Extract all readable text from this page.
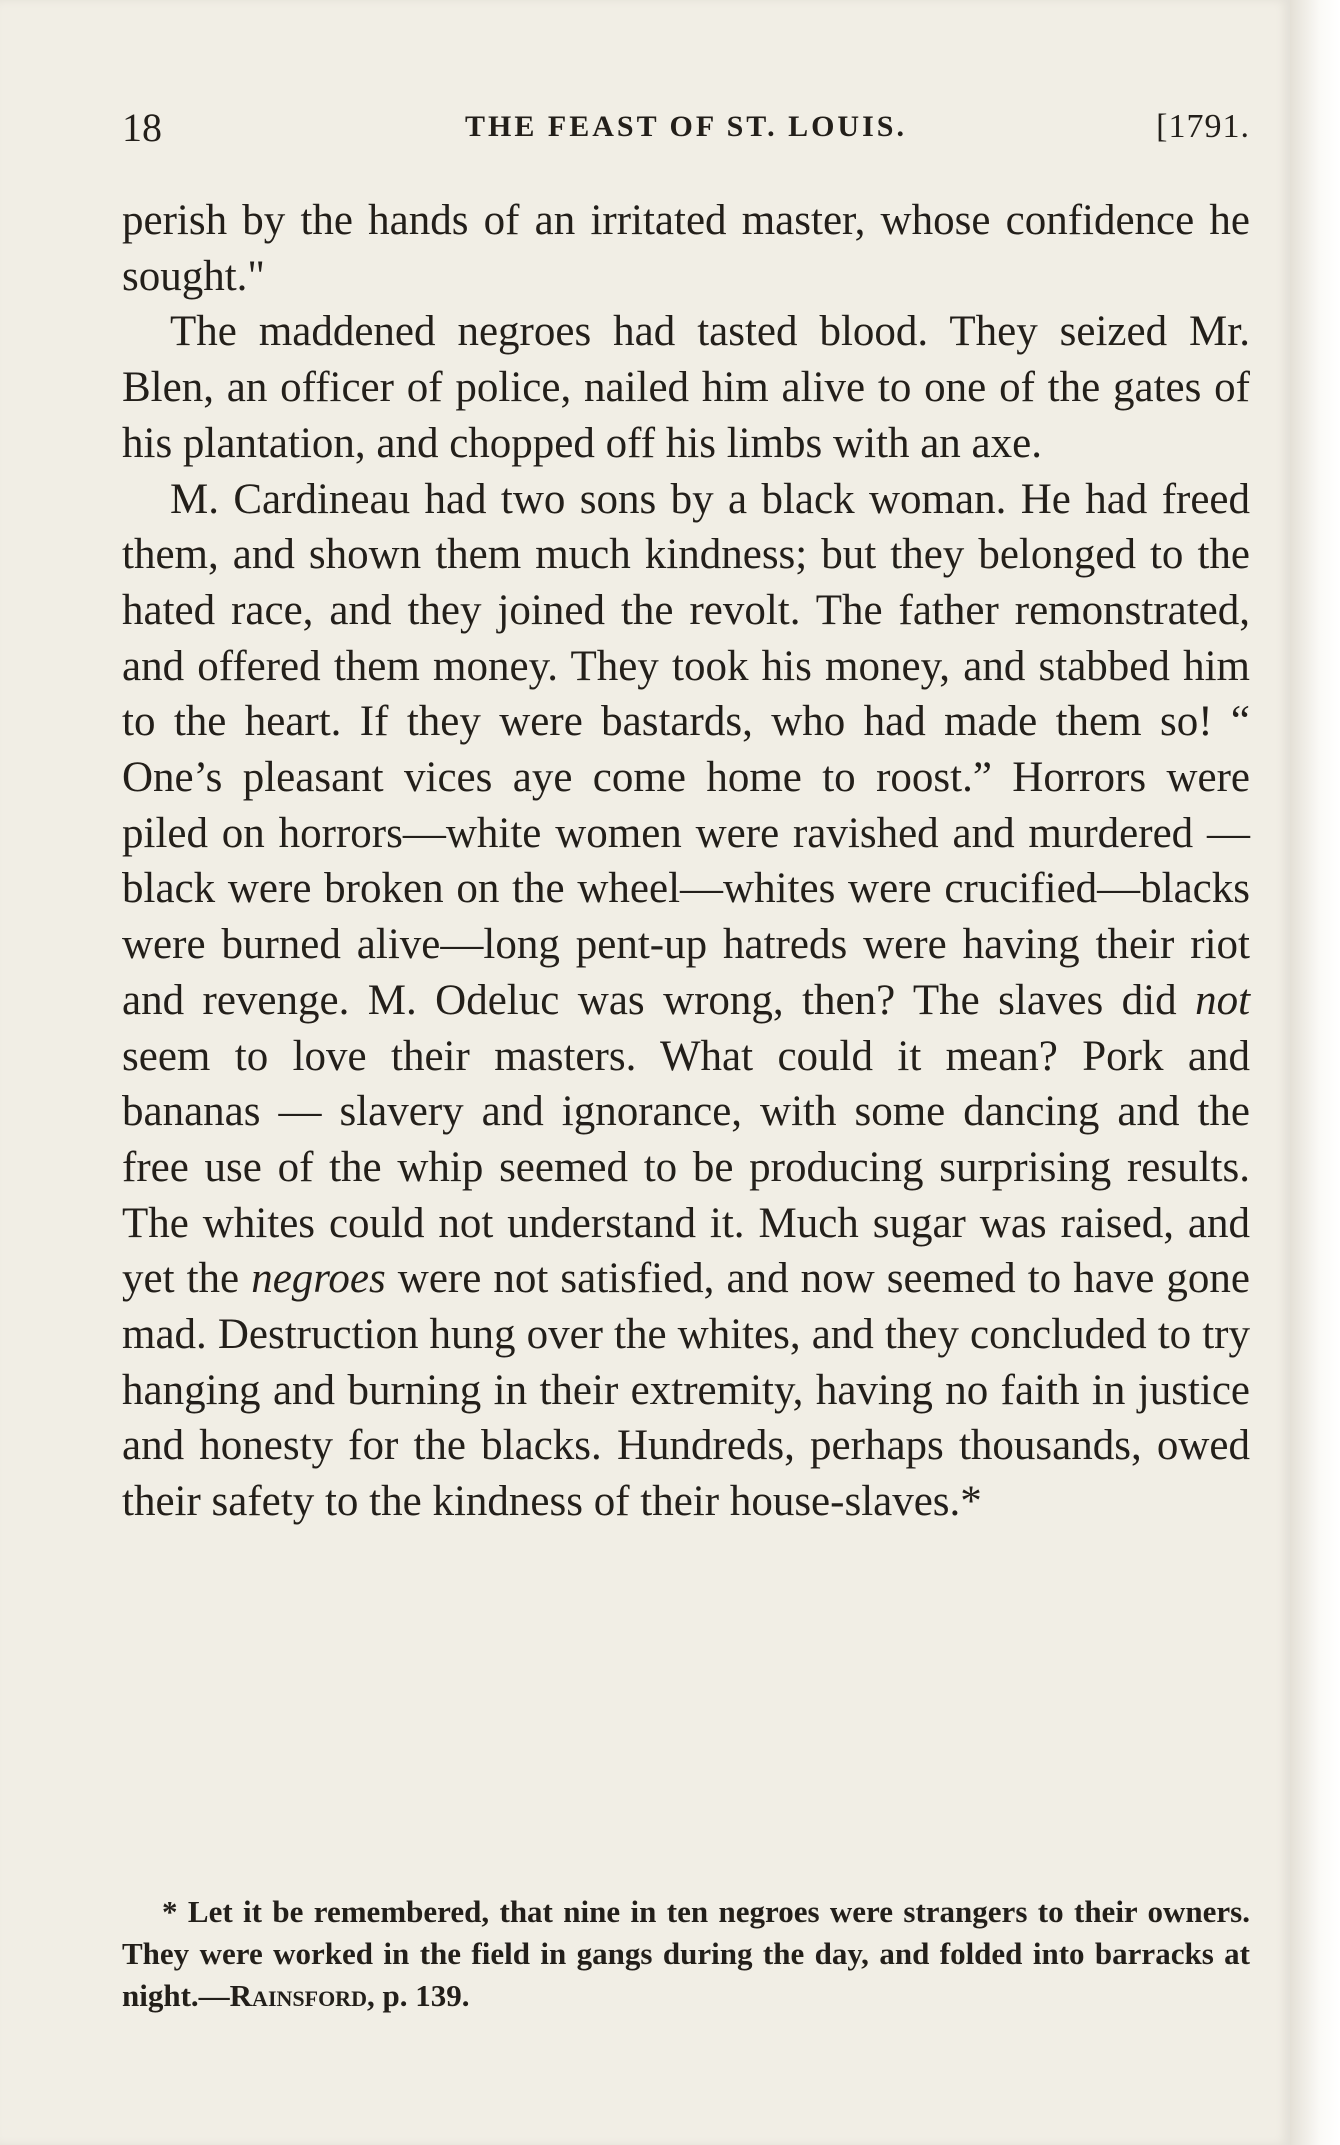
18	THE FEAST OF ST. LOUIS.	[1791.

perish by the hands of an irritated master, whose confidence he sought."

The maddened negroes had tasted blood. They seized Mr. Blen, an officer of police, nailed him alive to one of the gates of his plantation, and chopped off his limbs with an axe.

M. Cardineau had two sons by a black woman. He had freed them, and shown them much kindness; but they belonged to the hated race, and they joined the revolt. The father remonstrated, and offered them money. They took his money, and stabbed him to the heart. If they were bastards, who had made them so! “ One’s pleasant vices aye come home to roost.” Horrors were piled on horrors—white women were ravished and murdered — black were broken on the wheel—whites were crucified—blacks were burned alive—long pent-up hatreds were having their riot and revenge. M. Odeluc was wrong, then? The slaves did not seem to love their masters. What could it mean? Pork and bananas — slavery and ignorance, with some dancing and the free use of the whip seemed to be producing surprising results. The whites could not understand it. Much sugar was raised, and yet the negroes were not satisfied, and now seemed to have gone mad. Destruction hung over the whites, and they concluded to try hanging and burning in their extremity, having no faith in justice and honesty for the blacks. Hundreds, perhaps thousands, owed their safety to the kindness of their house-slaves.*

* Let it be remembered, that nine in ten negroes were strangers to their owners. They were worked in the field in gangs during the day, and folded into barracks at night.—Rainsford, p. 139.
